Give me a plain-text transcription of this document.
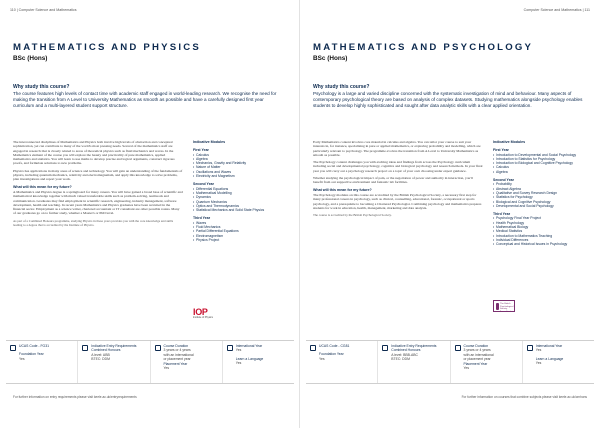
110 | Computer Science and Mathematics
MATHEMATICS AND PHYSICS
BSc (Hons)
Why study this course?
The course features high levels of contact time with academic staff engaged in world-leading research. We recognise the need for making the transition from A Level to University Mathematics as smooth as possible and have a carefully designed first year curriculum and a multi-layered student support structure.

The interconnected disciplines of Mathematics and Physics both involve high levels of abstraction and conceptual sophistication, yet can contribute to many of the world's most pressing needs. Several of the mathematics staff are engaged in research that is closely related to areas of theoretical physics such as fluid mechanics and waves. In the Mathematics element of the course you will explore the beauty and practicality of pure mathematics, applied mathematics and statistics. You will learn to use maths to develop precise and logical arguments, construct rigorous proofs, and formulate solutions to new problems.

Physics has applications in many areas of science and technology. You will gain an understanding of the fundamentals of physics, including quantum mechanics, relativity and electromagnetism, and apply this knowledge to solve problems, plan investigations and report your work.

What will this mean for my future?

A Mathematics and Physics degree is a springboard for many careers. You will have gained a broad base of scientific and mathematical knowledge together with much valued transferable skills such as problem-solving, teamwork and communication. Graduates may find employment in scientific research, engineering, industry management, software development, health and teaching. In recent years Mathematics and Physics graduates have been recruited in the financial sector. Employment as a science writer, chartered accountant or IT consultant are other possible routes. Many of our graduates go on to further study, whether a Master's or PhD level.

As part of a Combined Honours programme, studying Physics in these years provides you with the core knowledge and skills leading to a degree that is accredited by the Institute of Physics.

Indicative Modules
First Year
• Calculus
• Algebra
• Mechanics, Gravity and Relativity
• Nature of Matter
• Oscillations and Waves
• Electricity and Magnetism
Second Year
• Differential Equations
• Mathematical Modelling
• Dynamics
• Quantum Mechanics
• Optics and Thermodynamics
• Statistical Mechanics and Solid State Physics
Third Year
• Waves
• Fluid Mechanics
• Partial Differential Equations
• Electromagnetism
• Physics Project
IOP
Institute of Physics
UCAS Code - FG31
Foundation Year
Yes
Indicative Entry Requirements
Combined Honours
A level: ABB
BTEC: DDM
Course Duration
3 years or 4 years
with an international
or placement year
Placement Year
Yes
International Year
Yes
Learn a Language
Yes
For further information on entry requirements please visit keele.ac.uk/entryrequirements
Computer Science and Mathematics | 111
MATHEMATICS AND PSYCHOLOGY
BSc (Hons)
Why study this course?
Psychology is a large and varied discipline concerned with the systematic investigation of mind and behaviour. Many aspects of contemporary psychological theory are based on analysis of complex datasets. Studying mathematics alongside psychology enables students to develop highly sophisticated and sought after data analytic skills with a clear applied orientation.

Early Mathematics content involves core material in calculus and algebra. You can tailor your course to suit your interests in, for instance, specialising in pure or applied mathematics, or exploring probability and modelling, which are particularly relevant to psychology. The programme evolves the transition from A Level to University Mathematics as smooth as possible.

The Psychology content challenges you with exciting ideas and findings from across the Psychology curriculum including social and developmental psychology, cognitive and biological psychology and research methods. In your final year you will carry out a psychology research project on a topic of your own choosing under expert guidance.

Whether studying the psychological impact of pain, or the negotiation of power and authority in interaction, you'll benefit from our supportive environment and fantastic lab facilities.

What will this mean for my future?

The Psychology modules on this course are accredited by the British Psychological Society, a necessary first step for many professional careers in psychology, such as clinical, counselling, educational, forensic, occupational or sports psychology, and a prerequisite to becoming a Chartered Psychologist. Combining psychology and mathematics prepares students for work in education, health, management, marketing and data analysis.

The course is accredited by the British Psychological Society.

Indicative Modules
First Year
• Introduction to Developmental and Social Psychology
• Introduction to Statistics for Psychology
• Introduction to Biological and Cognitive Psychology
• Calculus
• Algebra
Second Year
• Probability
• Abstract Algebra
• Qualitative and Survey Research Design
• Statistics for Psychology
• Biological and Cognitive Psychology
• Developmental and Social Psychology
Third Year
• Psychology Final Year Project
• Health Psychology
• Mathematical Biology
• Medical Statistics
• Introduction to Mathematics Teaching
• Individual Differences
• Conceptual and Historical Issues in Psychology
The British Psychological Society Accredited
UCAS Code - CG81
Foundation Year
Yes
Indicative Entry Requirements
Combined Honours
A level: BBB-ABC
BTEC: DDM
Course Duration
3 years or 4 years
with an international
or placement year
Placement Year
Yes
International Year
Yes
Learn a Language
Yes
For further information on courses that combine subjects please visit keele.ac.uk/cmhons
